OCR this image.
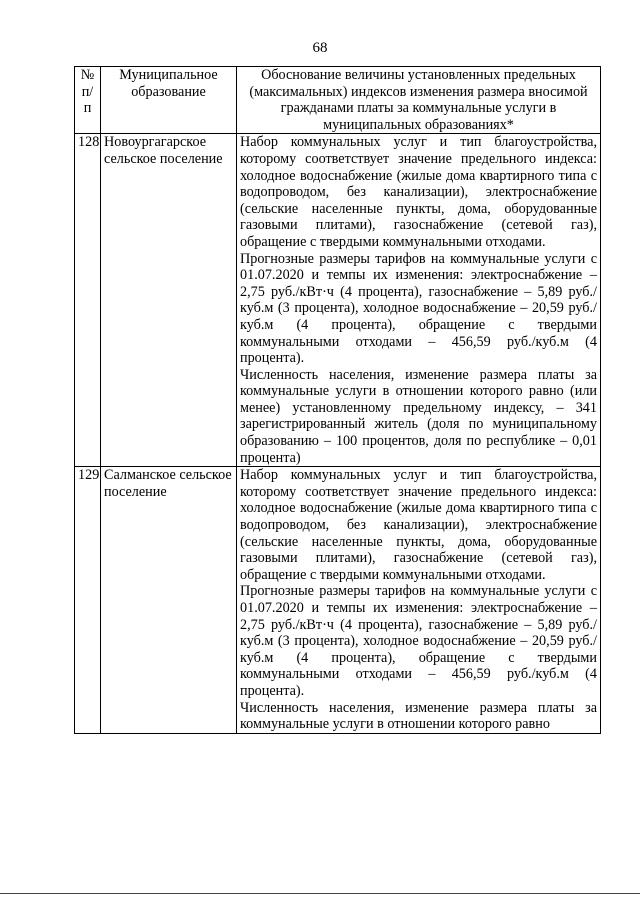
68
№ п/п	Муниципальное образование	Обоснование величины установленных предельных (максимальных) индексов изменения размера вносимой гражданами платы за коммунальные услуги в муниципальных образованиях*
128	Новоургагарское сельское поселение	Набор коммунальных услуг и тип благоустройства, которому соответствует значение предельного индекса: холодное водоснабжение (жилые дома квартирного типа с водопроводом, без канализации), электроснабжение (сельские населенные пункты, дома, оборудованные газовыми плитами), газоснабжение (сетевой газ), обращение с твердыми коммунальными отходами.

Прогнозные размеры тарифов на коммунальные услуги с 01.07.2020 и темпы их изменения: электроснабжение – 2,75 руб./кВт·ч (4 процента), газоснабжение – 5,89 руб./куб.м (3 процента), холодное водоснабжение – 20,59 руб./куб.м (4 процента), обращение с твердыми коммунальными отходами – 456,59 руб./куб.м (4 процента).

Численность населения, изменение размера платы за коммунальные услуги в отношении которого равно (или менее) установленному предельному индексу, – 341 зарегистрированный житель (доля по муниципальному образованию – 100 процентов, доля по республике – 0,01 процента)

129	Салманское сельское поселение	Набор коммунальных услуг и тип благоустройства, которому соответствует значение предельного индекса: холодное водоснабжение (жилые дома квартирного типа с водопроводом, без канализации), электроснабжение (сельские населенные пункты, дома, оборудованные газовыми плитами), газоснабжение (сетевой газ), обращение с твердыми коммунальными отходами.

Прогнозные размеры тарифов на коммунальные услуги с 01.07.2020 и темпы их изменения: электроснабжение – 2,75 руб./кВт·ч (4 процента), газоснабжение – 5,89 руб./куб.м (3 процента), холодное водоснабжение – 20,59 руб./куб.м (4 процента), обращение с твердыми коммунальными отходами – 456,59 руб./куб.м (4 процента).

Численность населения, изменение размера платы за коммунальные услуги в отношении которого равно
